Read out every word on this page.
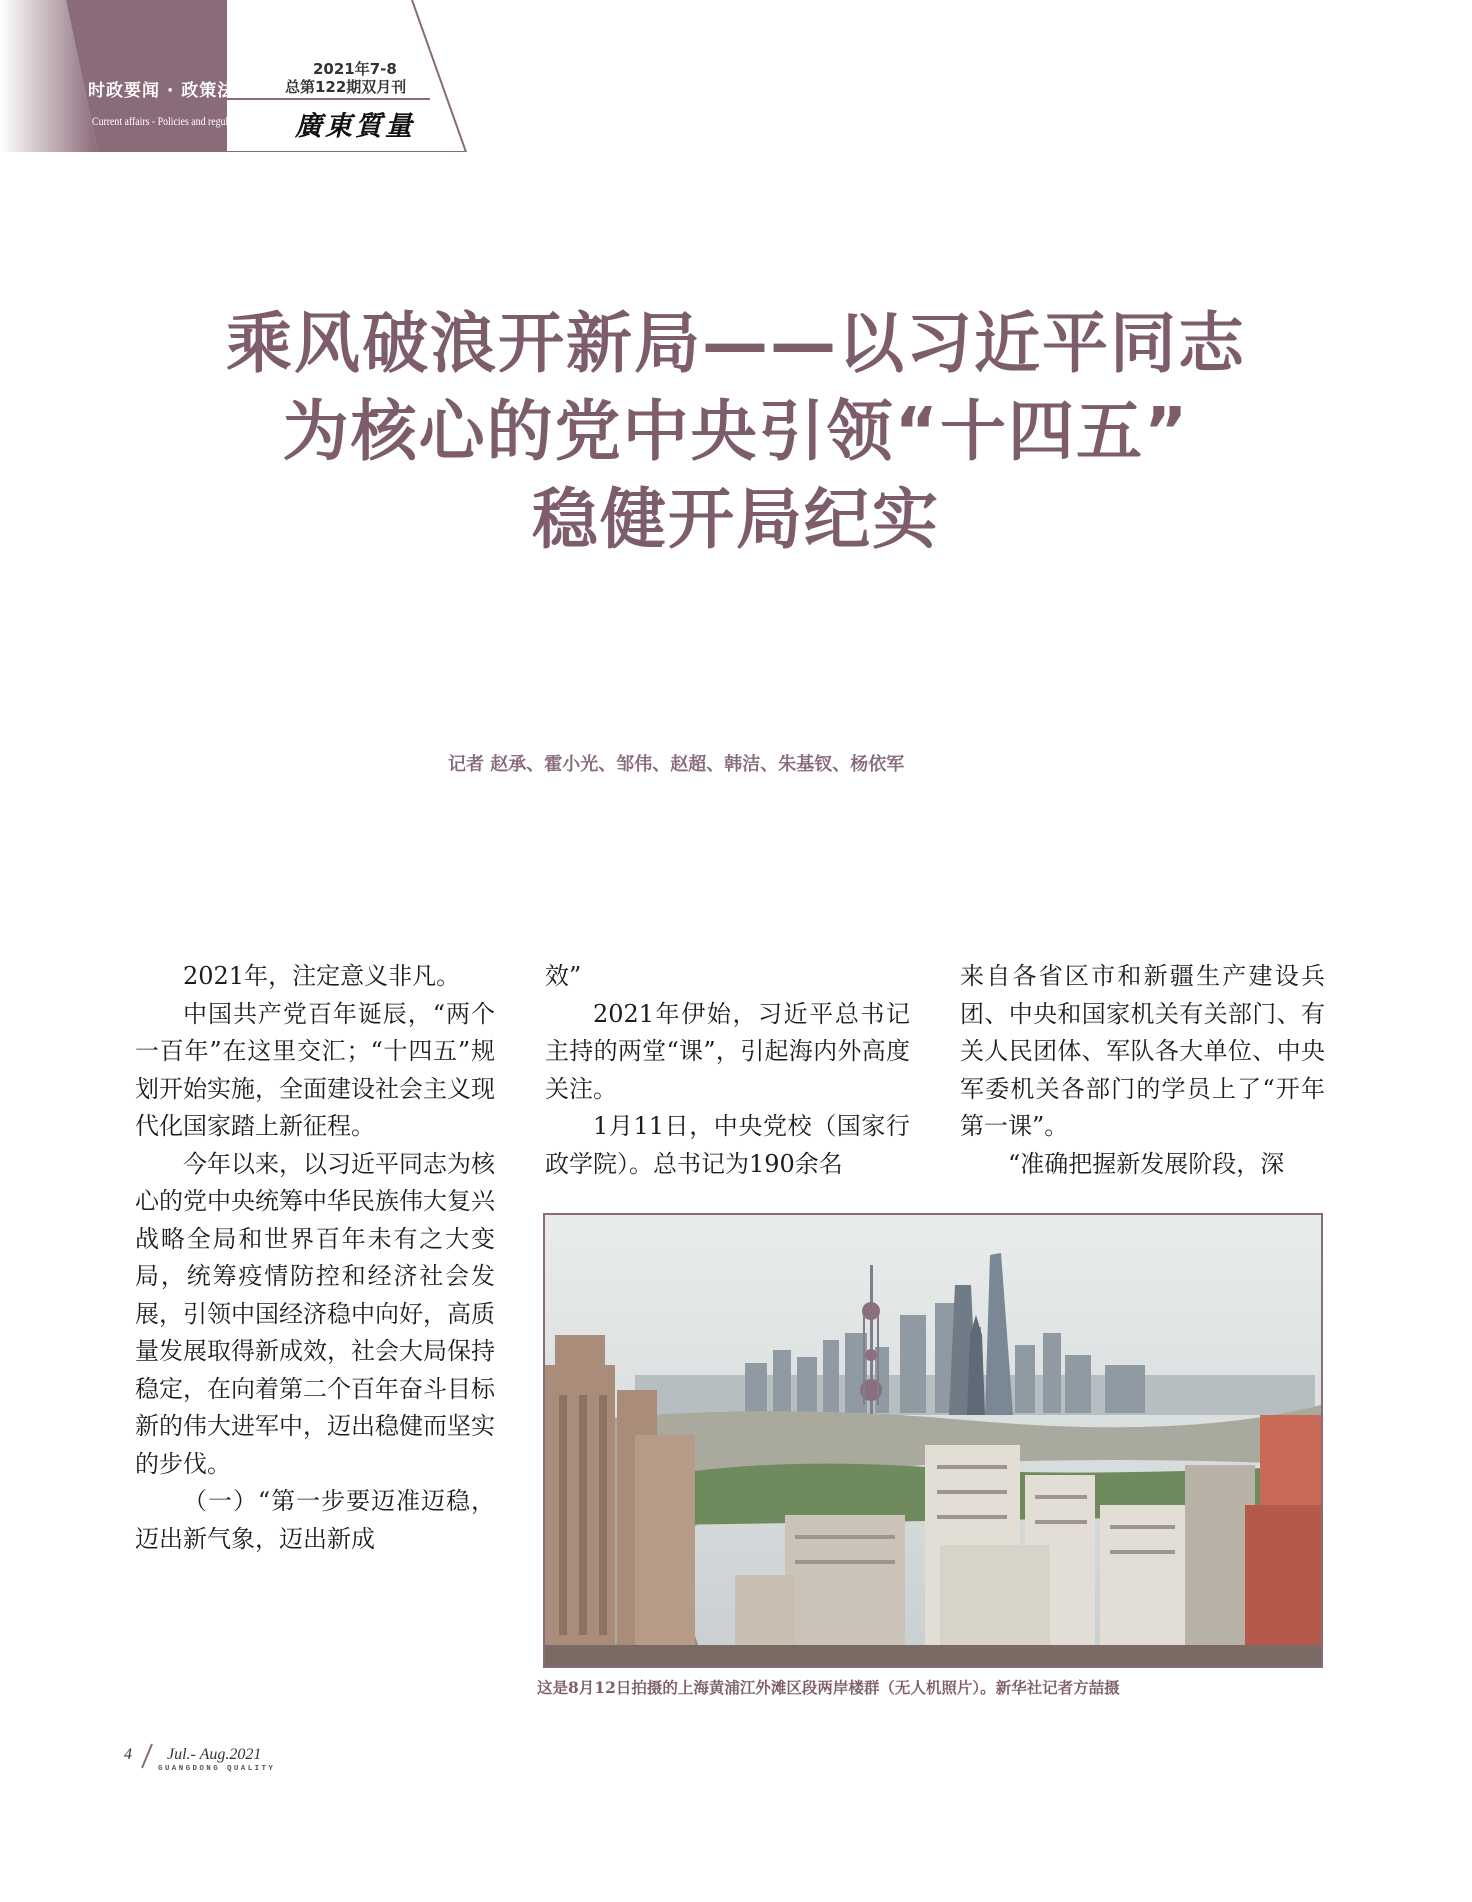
时政要闻 · 政策法规
Current affairs - Policies and regulations
2021年7-8
总第122期双月刊
廣東質量
乘风破浪开新局——以习近平同志
为核心的党中央引领“十四五”
稳健开局纪实
记者 赵承、霍小光、邹伟、赵超、韩洁、朱基钗、杨依军

2021年，注定意义非凡。

中国共产党百年诞辰，“两个一百年”在这里交汇；“十四五”规划开始实施，全面建设社会主义现代化国家踏上新征程。

今年以来，以习近平同志为核心的党中央统筹中华民族伟大复兴战略全局和世界百年未有之大变局，统筹疫情防控和经济社会发展，引领中国经济稳中向好，高质量发展取得新成效，社会大局保持稳定，在向着第二个百年奋斗目标新的伟大进军中，迈出稳健而坚实的步伐。

（一）“第一步要迈准迈稳，迈出新气象，迈出新成

效”

2021年伊始，习近平总书记主持的两堂“课”，引起海内外高度关注。

1月11日，中央党校（国家行政学院）。总书记为190余名

来自各省区市和新疆生产建设兵团、中央和国家机关有关部门、有关人民团体、军队各大单位、中央军委机关各部门的学员上了“开年第一课”。

“准确把握新发展阶段，深

这是8月12日拍摄的上海黄浦江外滩区段两岸楼群（无人机照片）。新华社记者方喆摄
4 Jul.- Aug.2021
GUANGDONG QUALITY
